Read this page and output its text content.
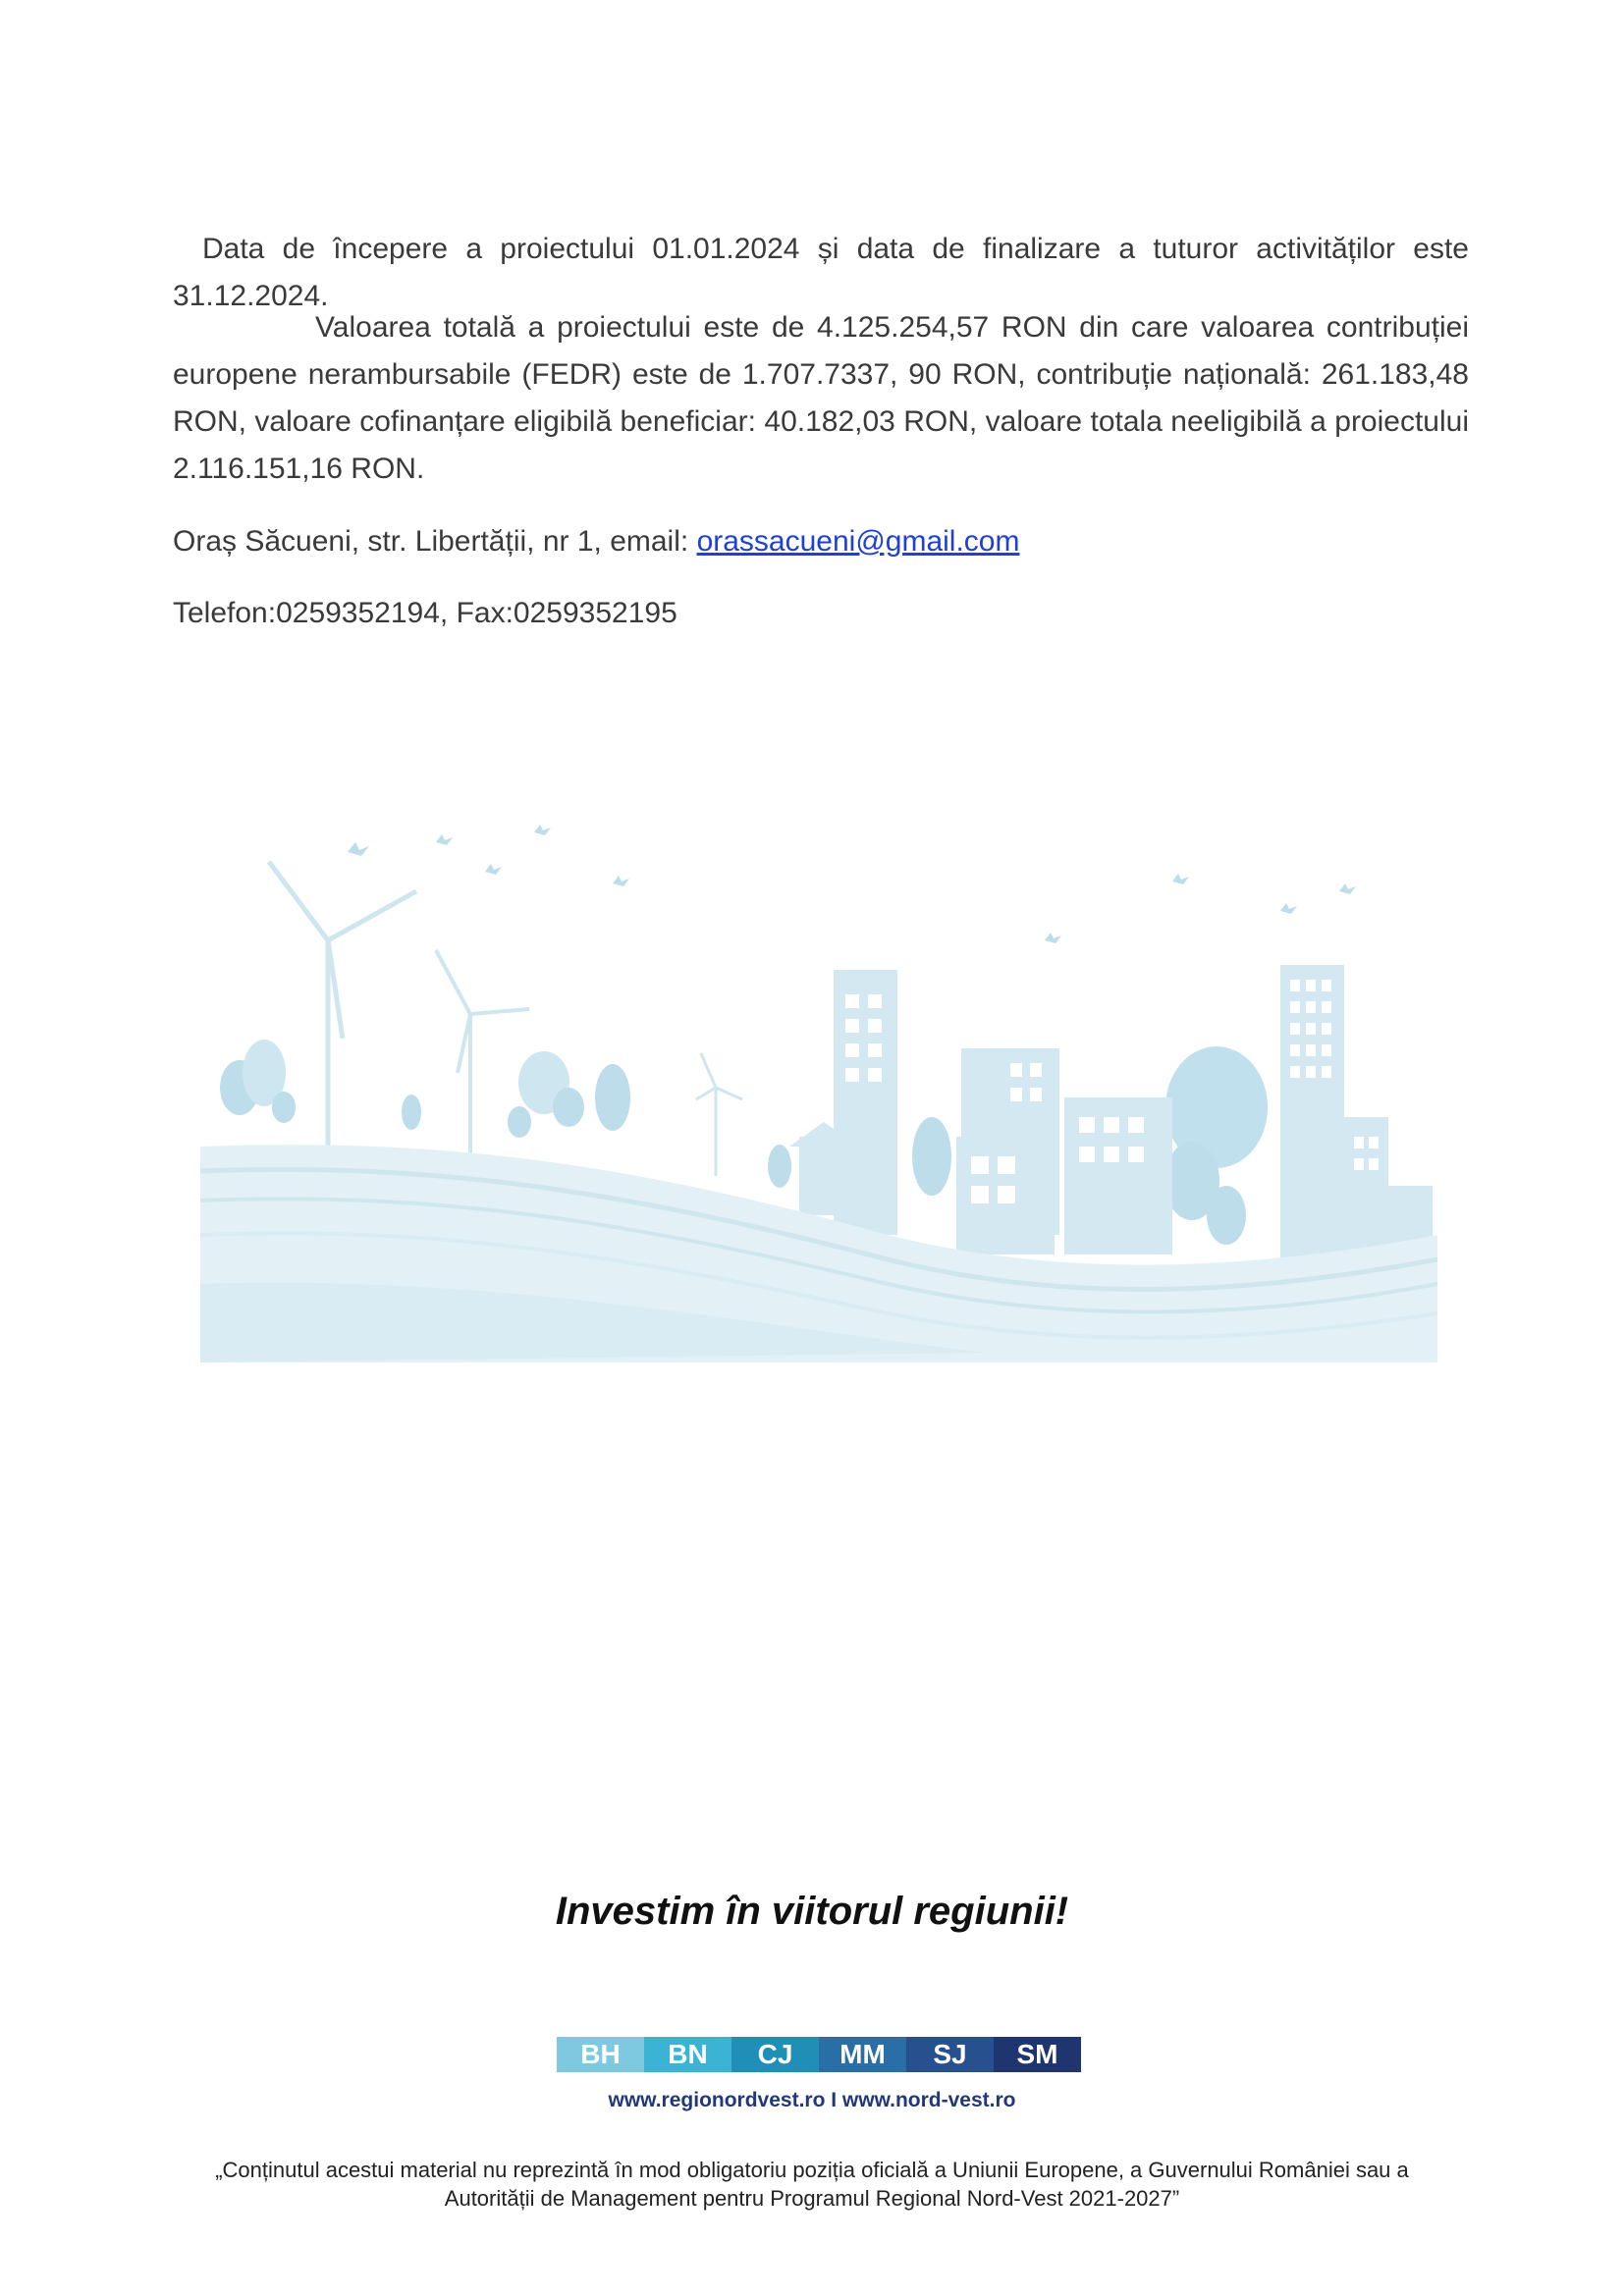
Data de începere a proiectului 01.01.2024 și data de finalizare a tuturor activităților este 31.12.2024.

Valoarea totală a proiectului este de 4.125.254,57 RON din care valoarea contribuției europene nerambursabile (FEDR) este de 1.707.7337, 90 RON, contribuție națională: 261.183,48 RON, valoare cofinanțare eligibilă beneficiar: 40.182,03 RON, valoare totala neeligibilă a proiectului 2.116.151,16 RON.

Oraș Săcueni, str. Libertății, nr 1, email: orassacueni@gmail.com

Telefon:0259352194, Fax:0259352195

Investim în viitorul regiunii!
BH	BN	CJ	MM	SJ	SM
www.regionordvest.ro I www.nord-vest.ro
„Conținutul acestui material nu reprezintă în mod obligatoriu poziția oficială a Uniunii Europene, a Guvernului României sau a Autorității de Management pentru Programul Regional Nord-Vest 2021-2027”
